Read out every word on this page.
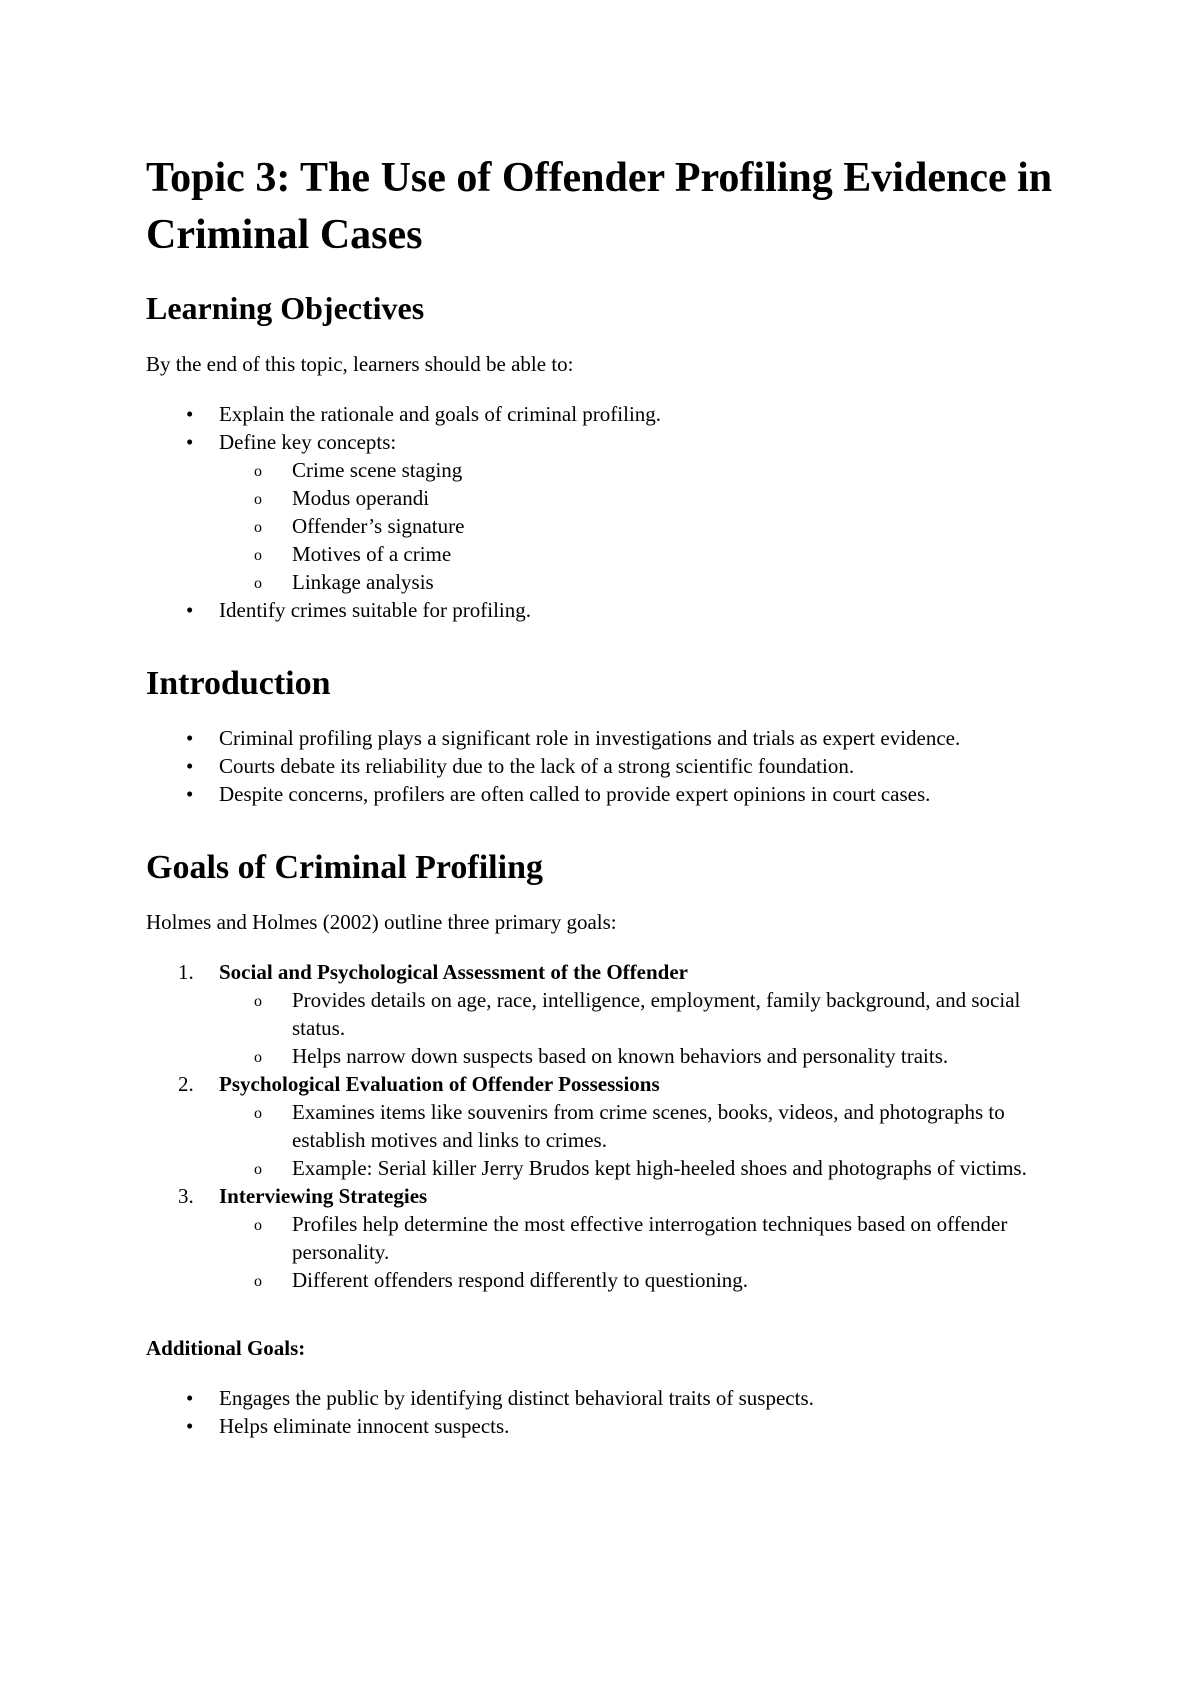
Topic 3: The Use of Offender Profiling Evidence in Criminal Cases
Learning Objectives

By the end of this topic, learners should be able to:

•	Explain the rationale and goals of criminal profiling.
•	Define key concepts:
o Crime scene staging
o Modus operandi
o Offender’s signature
o Motives of a crime
o Linkage analysis
•	Identify crimes suitable for profiling.
Introduction
•	Criminal profiling plays a significant role in investigations and trials as expert evidence.
•	Courts debate its reliability due to the lack of a strong scientific foundation.
•	Despite concerns, profilers are often called to provide expert opinions in court cases.
Goals of Criminal Profiling

Holmes and Holmes (2002) outline three primary goals:

1.	Social and Psychological Assessment of the Offender
o Provides details on age, race, intelligence, employment, family background, and social status.
o Helps narrow down suspects based on known behaviors and personality traits.
2.	Psychological Evaluation of Offender Possessions
o Examines items like souvenirs from crime scenes, books, videos, and photographs to establish motives and links to crimes.
o Example: Serial killer Jerry Brudos kept high-heeled shoes and photographs of victims.
3.	Interviewing Strategies
o Profiles help determine the most effective interrogation techniques based on offender personality.
o Different offenders respond differently to questioning.

Additional Goals:

•	Engages the public by identifying distinct behavioral traits of suspects.
•	Helps eliminate innocent suspects.
